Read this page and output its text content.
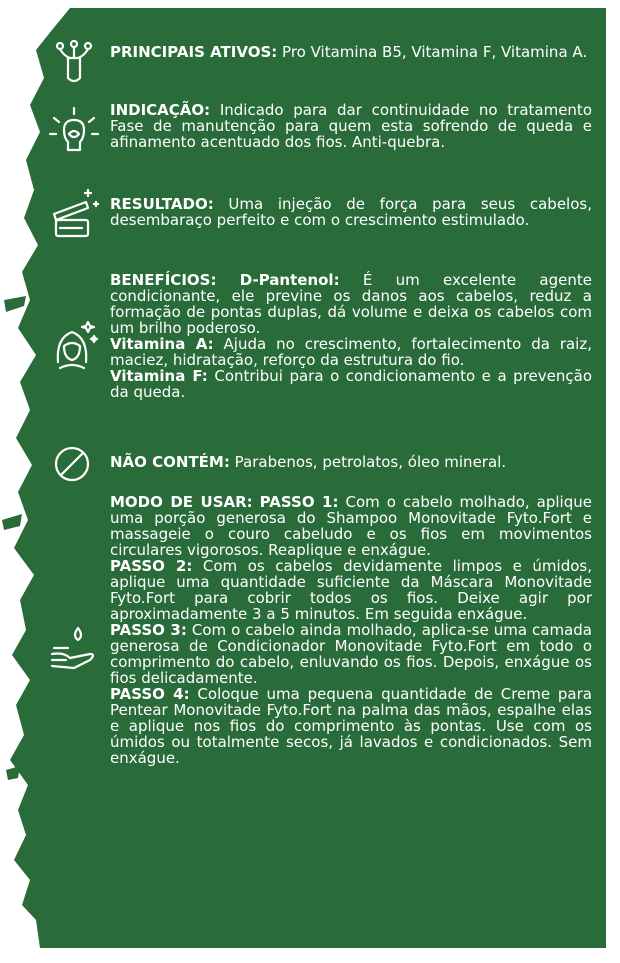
PRINCIPAIS ATIVOS: Pro Vitamina B5, Vitamina F, Vitamina A.

INDICAÇÃO: Indicado para dar continuidade no tratamento Fase de manutenção para quem esta sofrendo de queda e afinamento acentuado dos fios. Anti-quebra.

RESULTADO: Uma injeção de força para seus cabelos, desembaraço perfeito e com o crescimento estimulado.

BENEFÍCIOS: D-Pantenol: É um excelente agente condicionante, ele previne os danos aos cabelos, reduz a formação de pontas duplas, dá volume e deixa os cabelos com um brilho poderoso.

Vitamina A: Ajuda no crescimento, fortalecimento da raiz, maciez, hidratação, reforço da estrutura do fio.

Vitamina F: Contribui para o condicionamento e a prevenção da queda.

NÃO CONTÉM: Parabenos, petrolatos, óleo mineral.

MODO DE USAR: PASSO 1: Com o cabelo molhado, aplique uma porção generosa do Shampoo Monovitade Fyto.Fort e massageie o couro cabeludo e os fios em movimentos circulares vigorosos. Reaplique e enxágue.

PASSO 2: Com os cabelos devidamente limpos e úmidos, aplique uma quantidade suficiente da Máscara Monovitade Fyto.Fort para cobrir todos os fios. Deixe agir por aproximadamente 3 a 5 minutos. Em seguida enxágue.

PASSO 3: Com o cabelo ainda molhado, aplica-se uma camada generosa de Condicionador Monovitade Fyto.Fort em todo o comprimento do cabelo, enluvando os fios. Depois, enxágue os fios delicadamente.

PASSO 4: Coloque uma pequena quantidade de Creme para Pentear Monovitade Fyto.Fort na palma das mãos, espalhe elas e aplique nos fios do comprimento às pontas. Use com os úmidos ou totalmente secos, já lavados e condicionados. Sem enxágue.
